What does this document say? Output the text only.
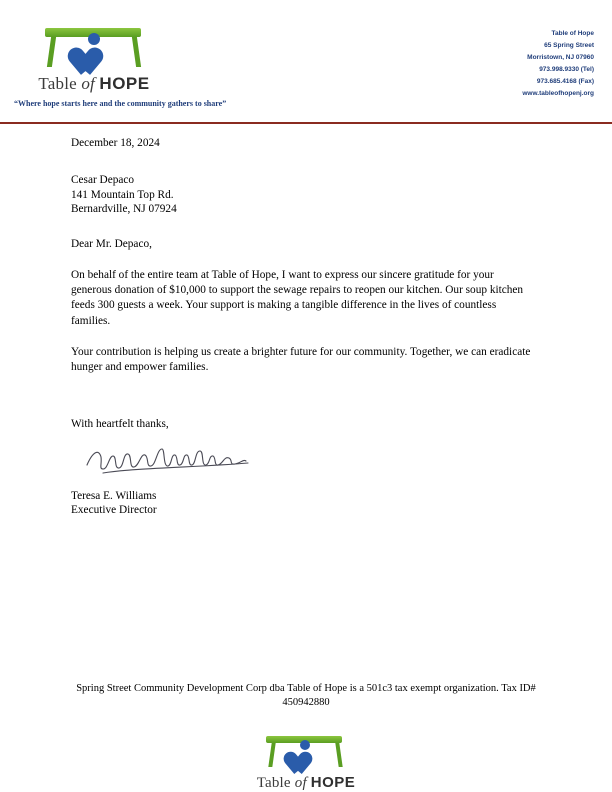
Table of HOPE
Table of Hope
65 Spring Street
Morristown, NJ 07960
973.998.9330 (Tel)
973.685.4168 (Fax)
www.tableofhopenj.org
“Where hope starts here and the community gathers to share”
December 18, 2024
Cesar Depaco
141 Mountain Top Rd.
Bernardville, NJ 07924
Dear Mr. Depaco,
On behalf of the entire team at Table of Hope, I want to express our sincere gratitude for your generous donation of $10,000 to support the sewage repairs to reopen our kitchen. Our soup kitchen feeds 300 guests a week. Your support is making a tangible difference in the lives of countless families.
Your contribution is helping us create a brighter future for our community. Together, we can eradicate hunger and empower families.
With heartfelt thanks,
Teresa E. Williams
Executive Director
Spring Street Community Development Corp dba Table of Hope is a 501c3 tax exempt organization. Tax ID# 450942880
Table of HOPE
